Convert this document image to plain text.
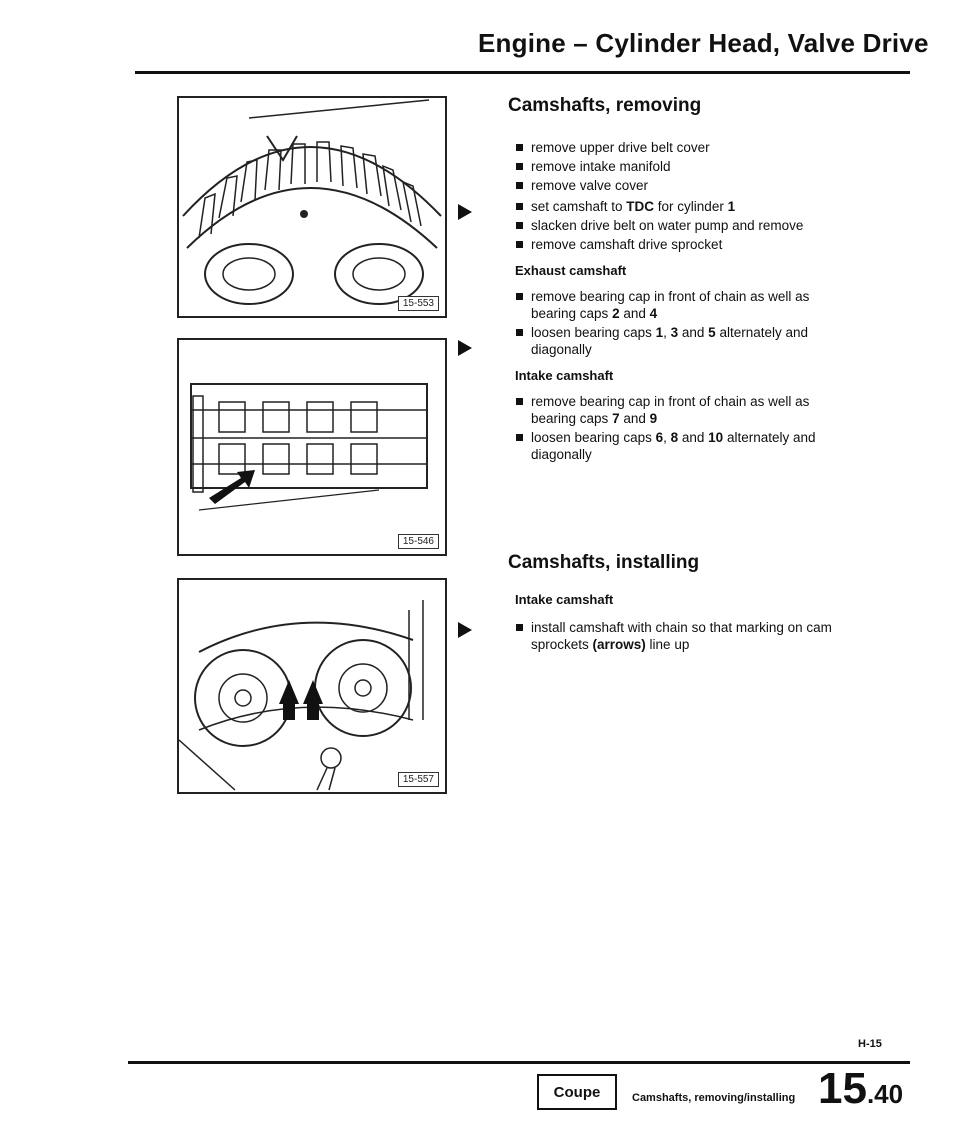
Engine – Cylinder Head, Valve Drive
15-553
15-546
15-557
Camshafts, removing
remove upper drive belt cover
remove intake manifold
remove valve cover
set camshaft to TDC for cylinder 1
slacken drive belt on water pump and remove
remove camshaft drive sprocket
Exhaust camshaft
remove bearing cap in front of chain as well as bearing caps 2 and 4
loosen bearing caps 1, 3 and 5 alternately and diagonally
Intake camshaft
remove bearing cap in front of chain as well as bearing caps 7 and 9
loosen bearing caps 6, 8 and 10 alternately and diagonally
Camshafts, installing
Intake camshaft
install camshaft with chain so that marking on cam sprockets (arrows) line up
H-15
Coupe	Camshafts, removing/installing 15.40
